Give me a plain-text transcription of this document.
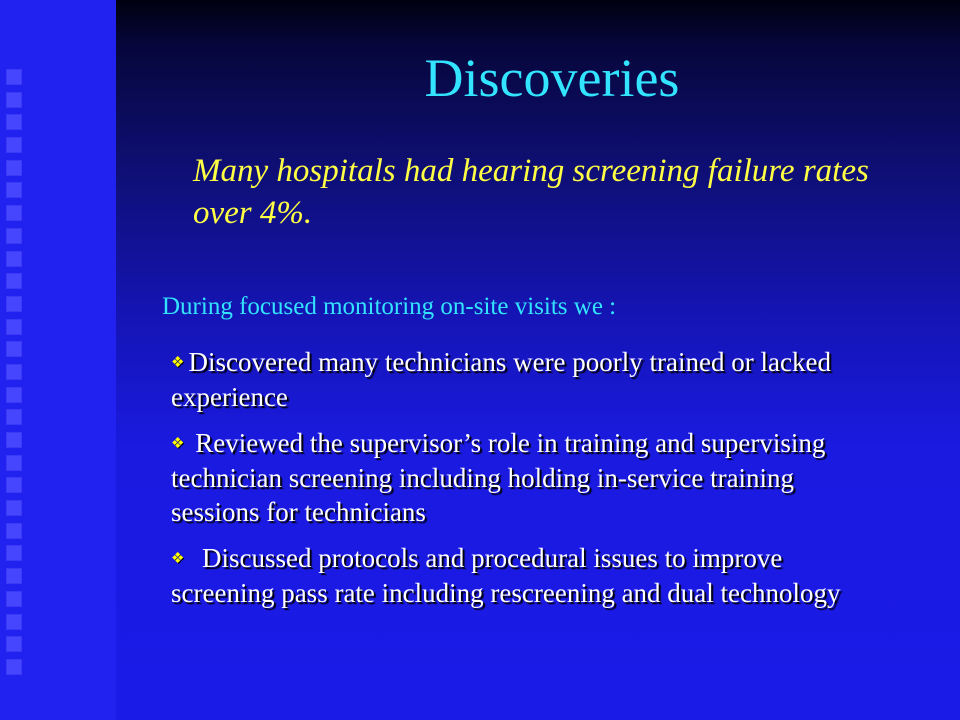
Discoveries
Many hospitals had hearing screening failure rates over 4%.
During focused monitoring on-site visits we :
❖ Discovered many technicians were poorly trained or lacked experience
❖ Reviewed the supervisor’s role in training and supervising technician screening including holding in-service training sessions for technicians
❖ Discussed protocols and procedural issues to improve screening pass rate including rescreening and dual technology
